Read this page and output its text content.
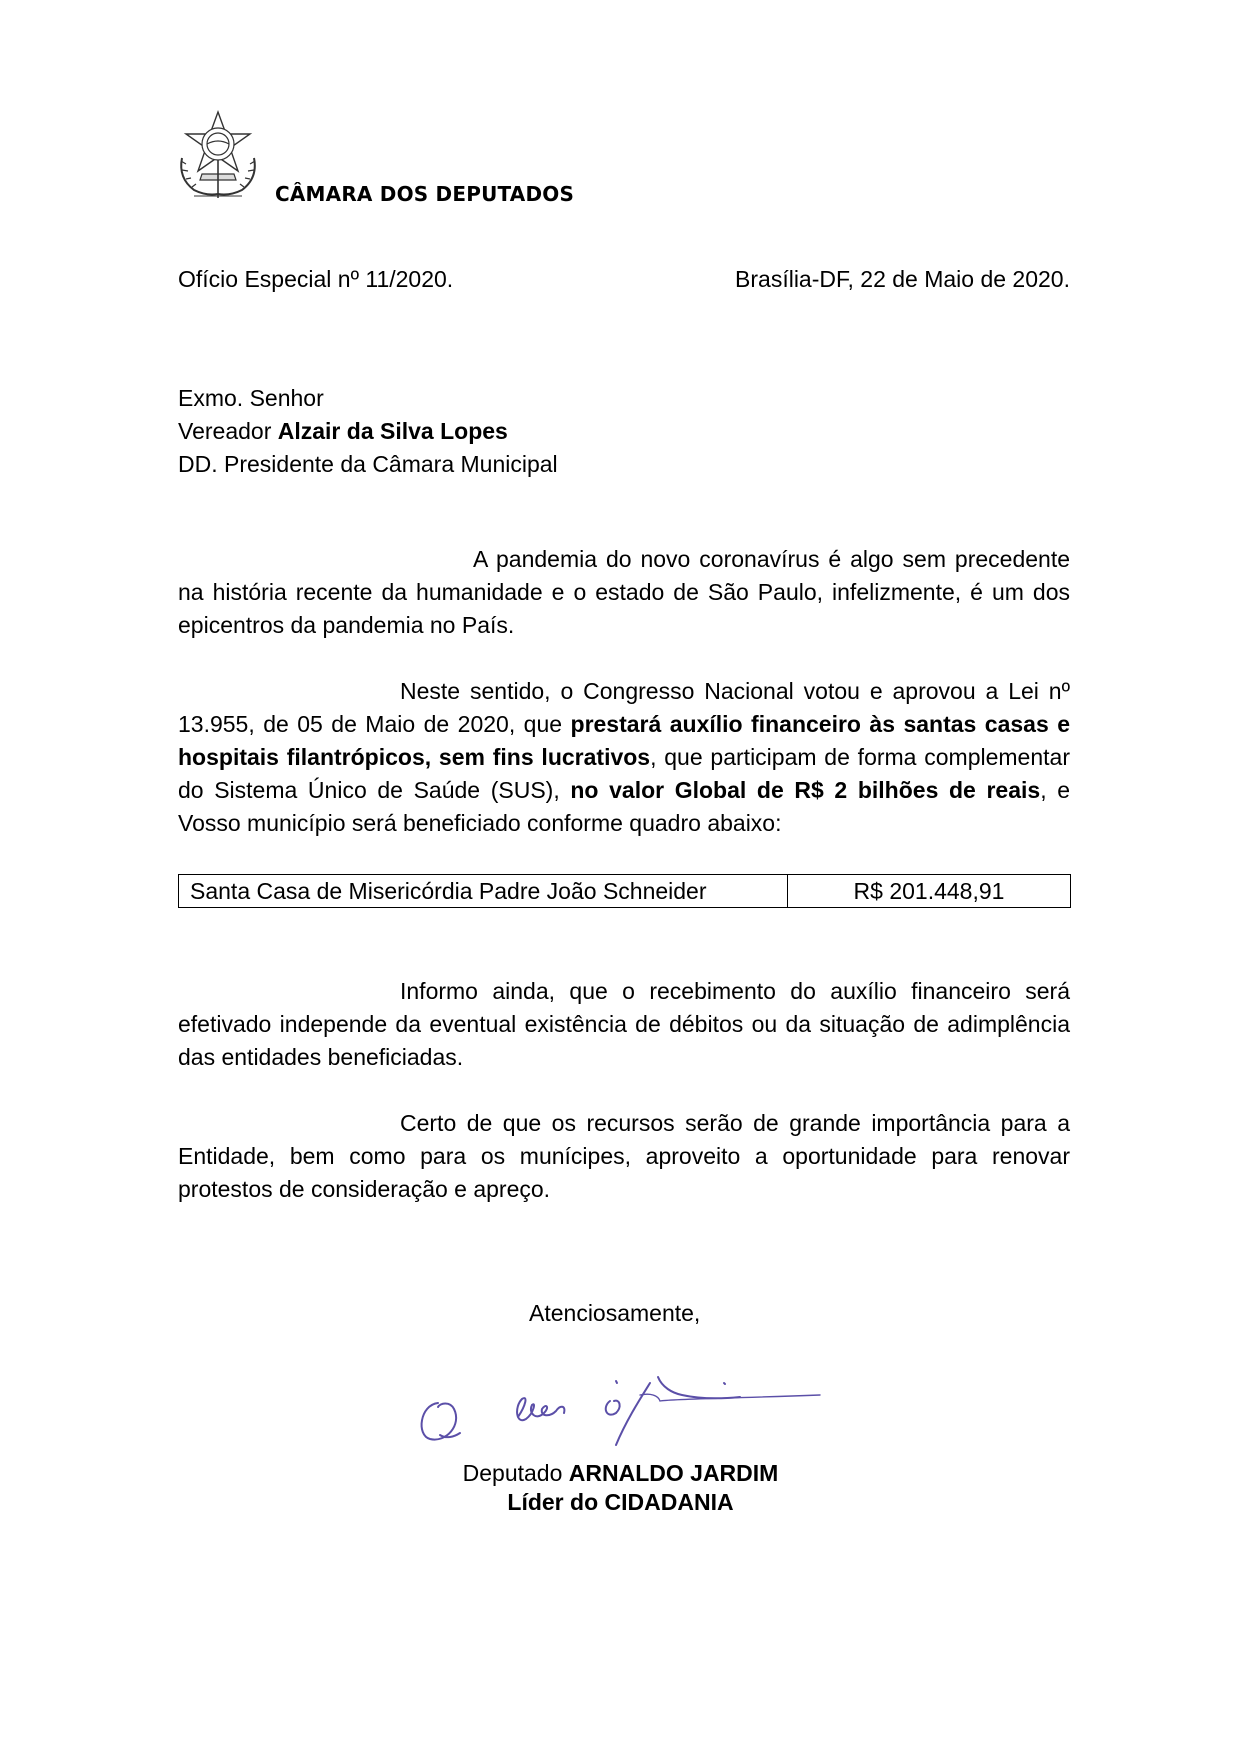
CÂMARA DOS DEPUTADOS
Ofício Especial nº 11/2020.	Brasília-DF, 22 de Maio de 2020.
Exmo. Senhor
Vereador Alzair da Silva Lopes
DD. Presidente da Câmara Municipal
A pandemia do novo coronavírus é algo sem precedente na história recente da humanidade e o estado de São Paulo, infelizmente, é um dos epicentros da pandemia no País.
Neste sentido, o Congresso Nacional votou e aprovou a Lei nº 13.955, de 05 de Maio de 2020, que prestará auxílio financeiro às santas casas e hospitais filantrópicos, sem fins lucrativos, que participam de forma complementar do Sistema Único de Saúde (SUS), no valor Global de R$ 2 bilhões de reais, e Vosso município será beneficiado conforme quadro abaixo:
Santa Casa de Misericórdia Padre João Schneider	R$ 201.448,91
Informo ainda, que o recebimento do auxílio financeiro será efetivado independe da eventual existência de débitos ou da situação de adimplência das entidades beneficiadas.
Certo de que os recursos serão de grande importância para a Entidade, bem como para os munícipes, aproveito a oportunidade para renovar protestos de consideração e apreço.
Atenciosamente,
Deputado ARNALDO JARDIM
Líder do CIDADANIA
